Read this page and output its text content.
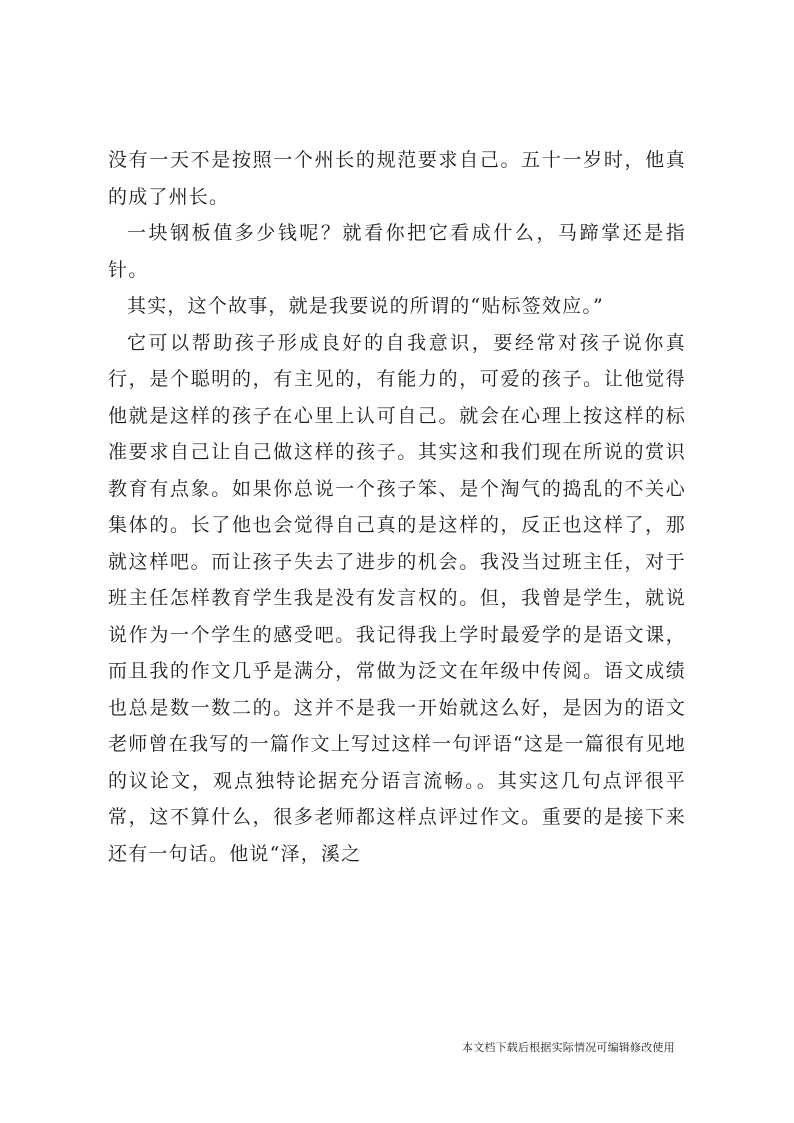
没有一天不是按照一个州长的规范要求自己。五十一岁时，他真的成了州长。

一块钢板值多少钱呢？就看你把它看成什么，马蹄掌还是指针。

其实，这个故事，就是我要说的所谓的“贴标签效应。”

它可以帮助孩子形成良好的自我意识，要经常对孩子说你真行，是个聪明的，有主见的，有能力的，可爱的孩子。让他觉得他就是这样的孩子在心里上认可自己。就会在心理上按这样的标准要求自己让自己做这样的孩子。其实这和我们现在所说的赏识教育有点象。如果你总说一个孩子笨、是个淘气的捣乱的不关心集体的。长了他也会觉得自己真的是这样的，反正也这样了，那就这样吧。而让孩子失去了进步的机会。我没当过班主任，对于班主任怎样教育学生我是没有发言权的。但，我曾是学生，就说说作为一个学生的感受吧。我记得我上学时最爱学的是语文课，而且我的作文几乎是满分，常做为泛文在年级中传阅。语文成绩也总是数一数二的。这并不是我一开始就这么好，是因为的语文老师曾在我写的一篇作文上写过这样一句评语“这是一篇很有见地的议论文，观点独特论据充分语言流畅。。其实这几句点评很平常，这不算什么，很多老师都这样点评过作文。重要的是接下来还有一句话。他说“泽，溪之

本文档下载后根据实际情况可编辑修改使用
